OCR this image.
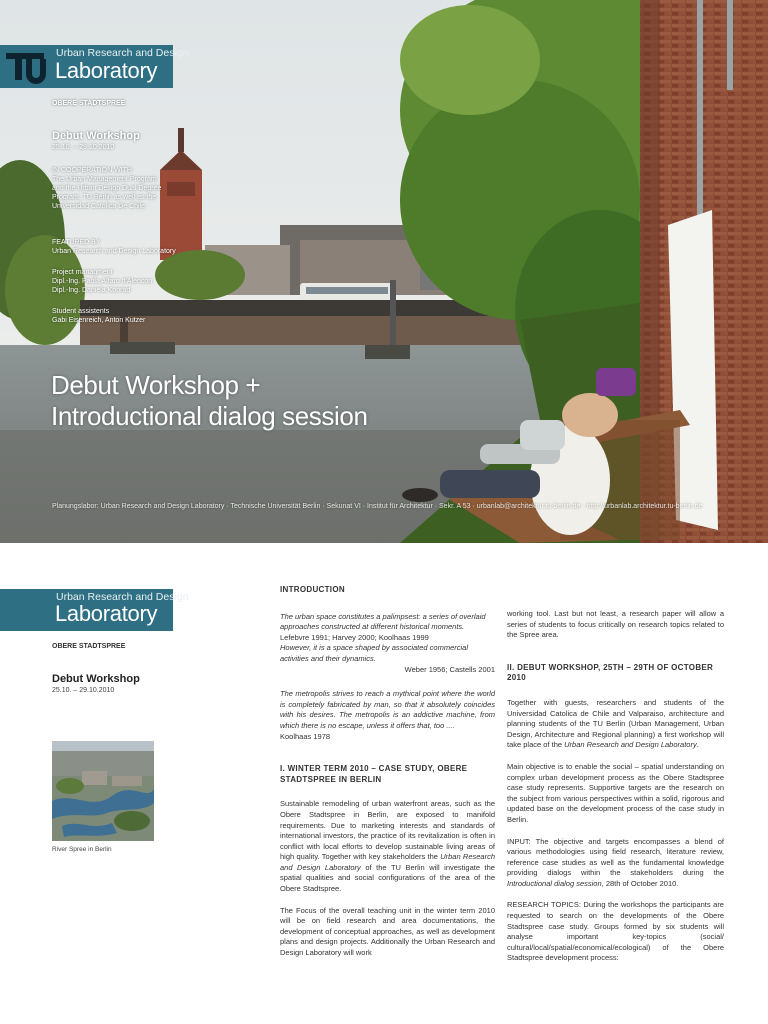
Urban Research and Design
Laboratory
OBERE STADTSPREE
Debut Workshop
25.10. – 29.10.2010
IN COOPERATION WITH
The Urban Management Program
and the Urban Design Dual Degree
Program, TU Berlin as well as the
Universidad Catolica De Chile
FEATURED BY
Urban Research and Design Laboratory
Project managment
Dipl.-Ing. Paola Alfaro d'Alencon
Dipl.-Ing. Daniela Konrad
Student assistents
Gabi Eisenreich, Anton Kutzer
Debut Workshop +
Introductional dialog session
Planungslabor: Urban Research and Design Laboratory · Technische Universität Berlin · Sekunat VI · Institut für Architektur · Sekr. A 53 · urbanlab@architektur.tu-berlin.de · http://urbanlab.architektur.tu-berlin.de
Urban Research and Design
Laboratory
OBERE STADTSPREE
Debut Workshop
25.10. – 29.10.2010
River Spree in Berlin

INTRODUCTION

The urban space constitutes a palimpsest: a series of overlaid approaches constructed at different historical moments.

Lefebvre 1991; Harvey 2000; Koolhaas 1999

However, it is a space shaped by associated commercial activities and their dynamics.

Weber 1956; Castells 2001

The metropolis strives to reach a mythical point where the world is completely fabricated by man, so that it absolutely coincides with his desires. The metropolis is an addictive machine, from which there is no escape, unless it offers that, too ....

Koolhaas 1978

I. WINTER TERM 2010 – CASE STUDY, OBERE STADTSPREE IN BERLIN

Sustainable remodeling of urban waterfront areas, such as the Obere Stadtspree in Berlin, are exposed to manifold requirements. Due to marketing interests and standards of international investors, the practice of its revitalization is often in conflict with local efforts to develop sustainable living areas of high quality. Together with key stakeholders the Urban Research and Design Laboratory of the TU Berlin will investigate the spatial qualities and social configurations of the area of the Obere Stadtspree.

The Focus of the overall teaching unit in the winter term 2010 will be on field research and area documentations, the development of conceptual approaches, as well as development plans and design projects. Additionally the Urban Research and Design Laboratory will work

working tool. Last but not least, a research paper will allow a series of students to focus critically on research topics related to the Spree area.

II. DEBUT WORKSHOP, 25TH – 29TH OF OCTOBER 2010

Together with guests, researchers and students of the Universidad Catolica de Chile and Valparaiso, architecture and planning students of the TU Berlin (Urban Management, Urban Design, Architecture and Regional planning) a first workshop will take place of the Urban Research and Design Laboratory.

Main objective is to enable the social – spatial understanding on complex urban development process as the Obere Stadtspree case study represents. Supportive targets are the research on the subject from various perspectives within a solid, rigorous and updated base on the development process of the case study in Berlin.

INPUT: The objective and targets encompasses a blend of various methodologies using field research, literature review, reference case studies as well as the fundamental knowledge providing dialogs within the stakeholders during the Introductional dialog session, 28th of October 2010.

RESEARCH TOPICS: During the workshops the participants are requested to search on the developments of the Obere Stadtspree case study. Groups formed by six students will analyse important key-topics (social/ cultural/local/spatial/economical/ecological) of the Obere Stadtspree development process:
